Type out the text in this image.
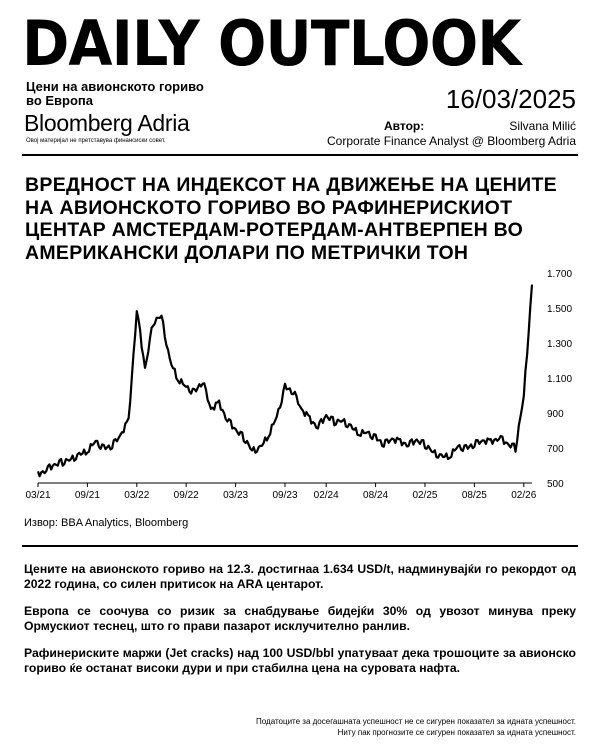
DAILY OUTLOOK
Цени на авионското гориво во Европа	16/03/2025
Bloomberg Adria
Овој материјал не претставува финансиски совет.
Автор:	Silvana Milić
Corporate Finance Analyst @ Bloomberg Adria
ВРЕДНОСТ НА ИНДЕКСОТ НА ДВИЖЕЊЕ НА ЦЕНИТЕ НА АВИОНСКОТО ГОРИВО ВО РАФИНЕРИСКИОТ ЦЕНТАР АМСТЕРДАМ-РОТЕРДАМ-АНТВЕРПЕН ВО АМЕРИКАНСКИ ДОЛАРИ ПО МЕТРИЧКИ ТОН
03/21 09/21 03/22 09/22 03/23 09/23 02/24 08/24 02/25 08/25 02/26
1.700
1.500
1.300
1.100
900
700
500
Извор: BBA Analytics, Bloomberg
Цените на авионското гориво на 12.3. достигнаа 1.634 USD/t, надминувајќи го рекордот од 2022 година, со силен притисок на ARA центарот.
Европа се соочува со ризик за снабдување бидејќи 30% од увозот минува преку Ормускиот теснец, што го прави пазарот исклучително ранлив.
Рафинериските маржи (Jet cracks) над 100 USD/bbl упатуваат дека трошоците за авионско гориво ќе останат високи дури и при стабилна цена на суровата нафта.
Податоците за досегашната успешност не се сигурен показател за идната успешност.
Ниту пак прогнозите се сигурен показател за идната успешност.
